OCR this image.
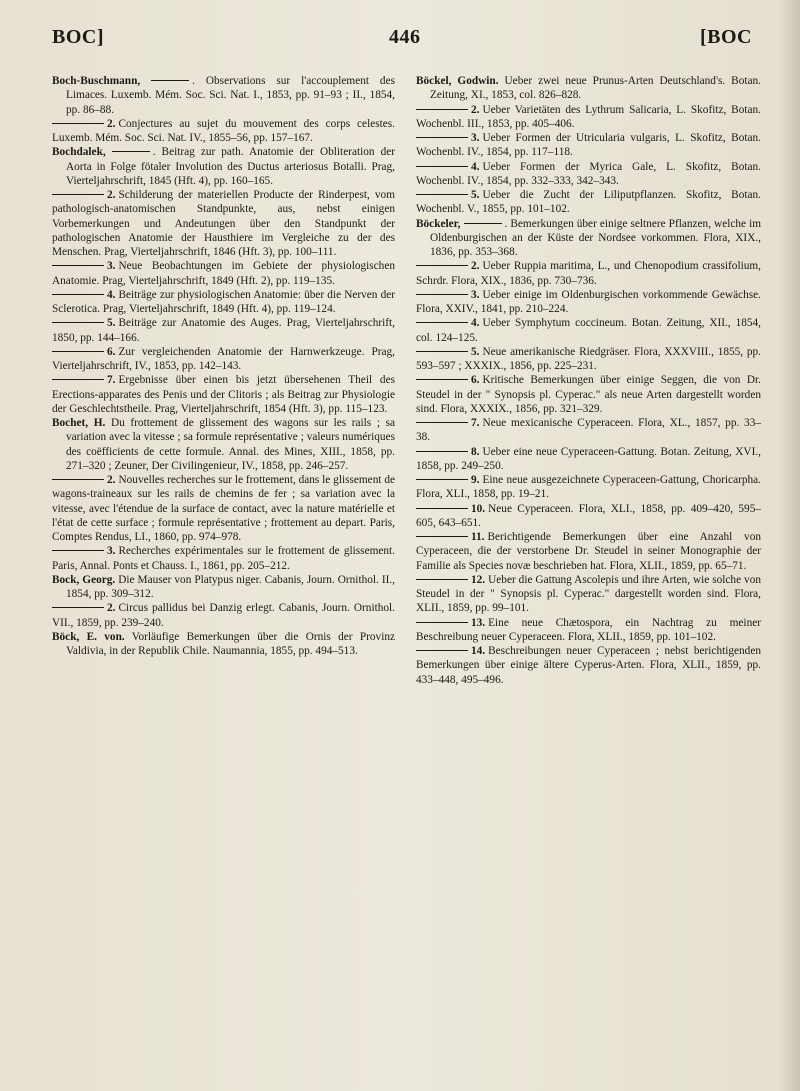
BOC]	446	[BOC

Boch-Buschmann,	. Observations sur l'accouplement des Limaces. Luxemb. Mém. Soc. Sci. Nat. I., 1853, pp. 91–93 ; II., 1854, pp. 86–88.

2. Conjectures au sujet du mouvement des corps celestes. Luxemb. Mém. Soc. Sci. Nat. IV., 1855–56, pp. 157–167.

Bochdalek,	. Beitrag zur path. Anatomie der Obliteration der Aorta in Folge fötaler Involution des Ductus arteriosus Botalli. Prag, Vierteljahrschrift, 1845 (Hft. 4), pp. 160–165.

2. Schilderung der materiellen Producte der Rinderpest, vom pathologisch-anatomischen Standpunkte, aus, nebst einigen Vorbemerkungen und Andeutungen über den Standpunkt der pathologischen Anatomie der Hausthiere im Vergleiche zu der des Menschen. Prag, Vierteljahrschrift, 1846 (Hft. 3), pp. 100–111.

3. Neue Beobachtungen im Gebiete der physiologischen Anatomie. Prag, Vierteljahrschrift, 1849 (Hft. 2), pp. 119–135.

4. Beiträge zur physiologischen Anatomie: über die Nerven der Sclerotica. Prag, Vierteljahrschrift, 1849 (Hft. 4), pp. 119–124.

5. Beiträge zur Anatomie des Auges. Prag, Vierteljahrschrift, 1850, pp. 144–166.

6. Zur vergleichenden Anatomie der Harnwerkzeuge. Prag, Vierteljahrschrift, IV., 1853, pp. 142–143.

7. Ergebnisse über einen bis jetzt übersehenen Theil des Erections-apparates des Penis und der Clitoris ; als Beitrag zur Physiologie der Geschlechtstheile. Prag, Vierteljahrschrift, 1854 (Hft. 3), pp. 115–123.

Bochet, H. Du frottement de glissement des wagons sur les rails ; sa variation avec la vitesse ; sa formule représentative ; valeurs numériques des coëfficients de cette formule. Annal. des Mines, XIII., 1858, pp. 271–320 ; Zeuner, Der Civilingenieur, IV., 1858, pp. 246–257.

2. Nouvelles recherches sur le frottement, dans le glissement de wagons-traineaux sur les rails de chemins de fer ; sa variation avec la vitesse, avec l'étendue de la surface de contact, avec la nature matérielle et l'état de cette surface ; formule représentative ; frottement au depart. Paris, Comptes Rendus, LI., 1860, pp. 974–978.

3. Recherches expérimentales sur le frottement de glissement. Paris, Annal. Ponts et Chauss. I., 1861, pp. 205–212.

Bock, Georg. Die Mauser von Platypus niger. Cabanis, Journ. Ornithol. II., 1854, pp. 309–312.

2. Circus pallidus bei Danzig erlegt. Cabanis, Journ. Ornithol. VII., 1859, pp. 239–240.

Böck, E. von. Vorläufige Bemerkungen über die Ornis der Provinz Valdivia, in der Republik Chile. Naumannia, 1855, pp. 494–513.

Böckel, Godwin. Ueber zwei neue Prunus-Arten Deutschland's. Botan. Zeitung, XI., 1853, col. 826–828.

2. Ueber Varietäten des Lythrum Salicaria, L. Skofitz, Botan. Wochenbl. III., 1853, pp. 405–406.

3. Ueber Formen der Utricularia vulgaris, L. Skofitz, Botan. Wochenbl. IV., 1854, pp. 117–118.

4. Ueber Formen der Myrica Gale, L. Skofitz, Botan. Wochenbl. IV., 1854, pp. 332–333, 342–343.

5. Ueber die Zucht der Liliputpflanzen. Skofitz, Botan. Wochenbl. V., 1855, pp. 101–102.

Böckeler,	. Bemerkungen über einige seltnere Pflanzen, welche im Oldenburgischen an der Küste der Nordsee vorkommen. Flora, XIX., 1836, pp. 353–368.

2. Ueber Ruppia maritima, L., und Chenopodium crassifolium, Schrdr. Flora, XIX., 1836, pp. 730–736.

3. Ueber einige im Oldenburgischen vorkommende Gewächse. Flora, XXIV., 1841, pp. 210–224.

4. Ueber Symphytum coccineum. Botan. Zeitung, XII., 1854, col. 124–125.

5. Neue amerikanische Riedgräser. Flora, XXXVIII., 1855, pp. 593–597 ; XXXIX., 1856, pp. 225–231.

6. Kritische Bemerkungen über einige Seggen, die von Dr. Steudel in der " Synopsis pl. Cyperac." als neue Arten dargestellt worden sind. Flora, XXXIX., 1856, pp. 321–329.

7. Neue mexicanische Cyperaceen. Flora, XL., 1857, pp. 33–38.

8. Ueber eine neue Cyperaceen-Gattung. Botan. Zeitung, XVI., 1858, pp. 249–250.

9. Eine neue ausgezeichnete Cyperaceen-Gattung, Choricarpha. Flora, XLI., 1858, pp. 19–21.

10. Neue Cyperaceen. Flora, XLI., 1858, pp. 409–420, 595–605, 643–651.

11. Berichtigende Bemerkungen über eine Anzahl von Cyperaceen, die der verstorbene Dr. Steudel in seiner Monographie der Familie als Species novæ beschrieben hat. Flora, XLII., 1859, pp. 65–71.

12. Ueber die Gattung Ascolepis und ihre Arten, wie solche von Steudel in der " Synopsis pl. Cyperac." dargestellt worden sind. Flora, XLII., 1859, pp. 99–101.

13. Eine neue Chætospora, ein Nachtrag zu meiner Beschreibung neuer Cyperaceen. Flora, XLII., 1859, pp. 101–102.

14. Beschreibungen neuer Cyperaceen ; nebst berichtigenden Bemerkungen über einige ältere Cyperus-Arten. Flora, XLII., 1859, pp. 433–448, 495–496.
